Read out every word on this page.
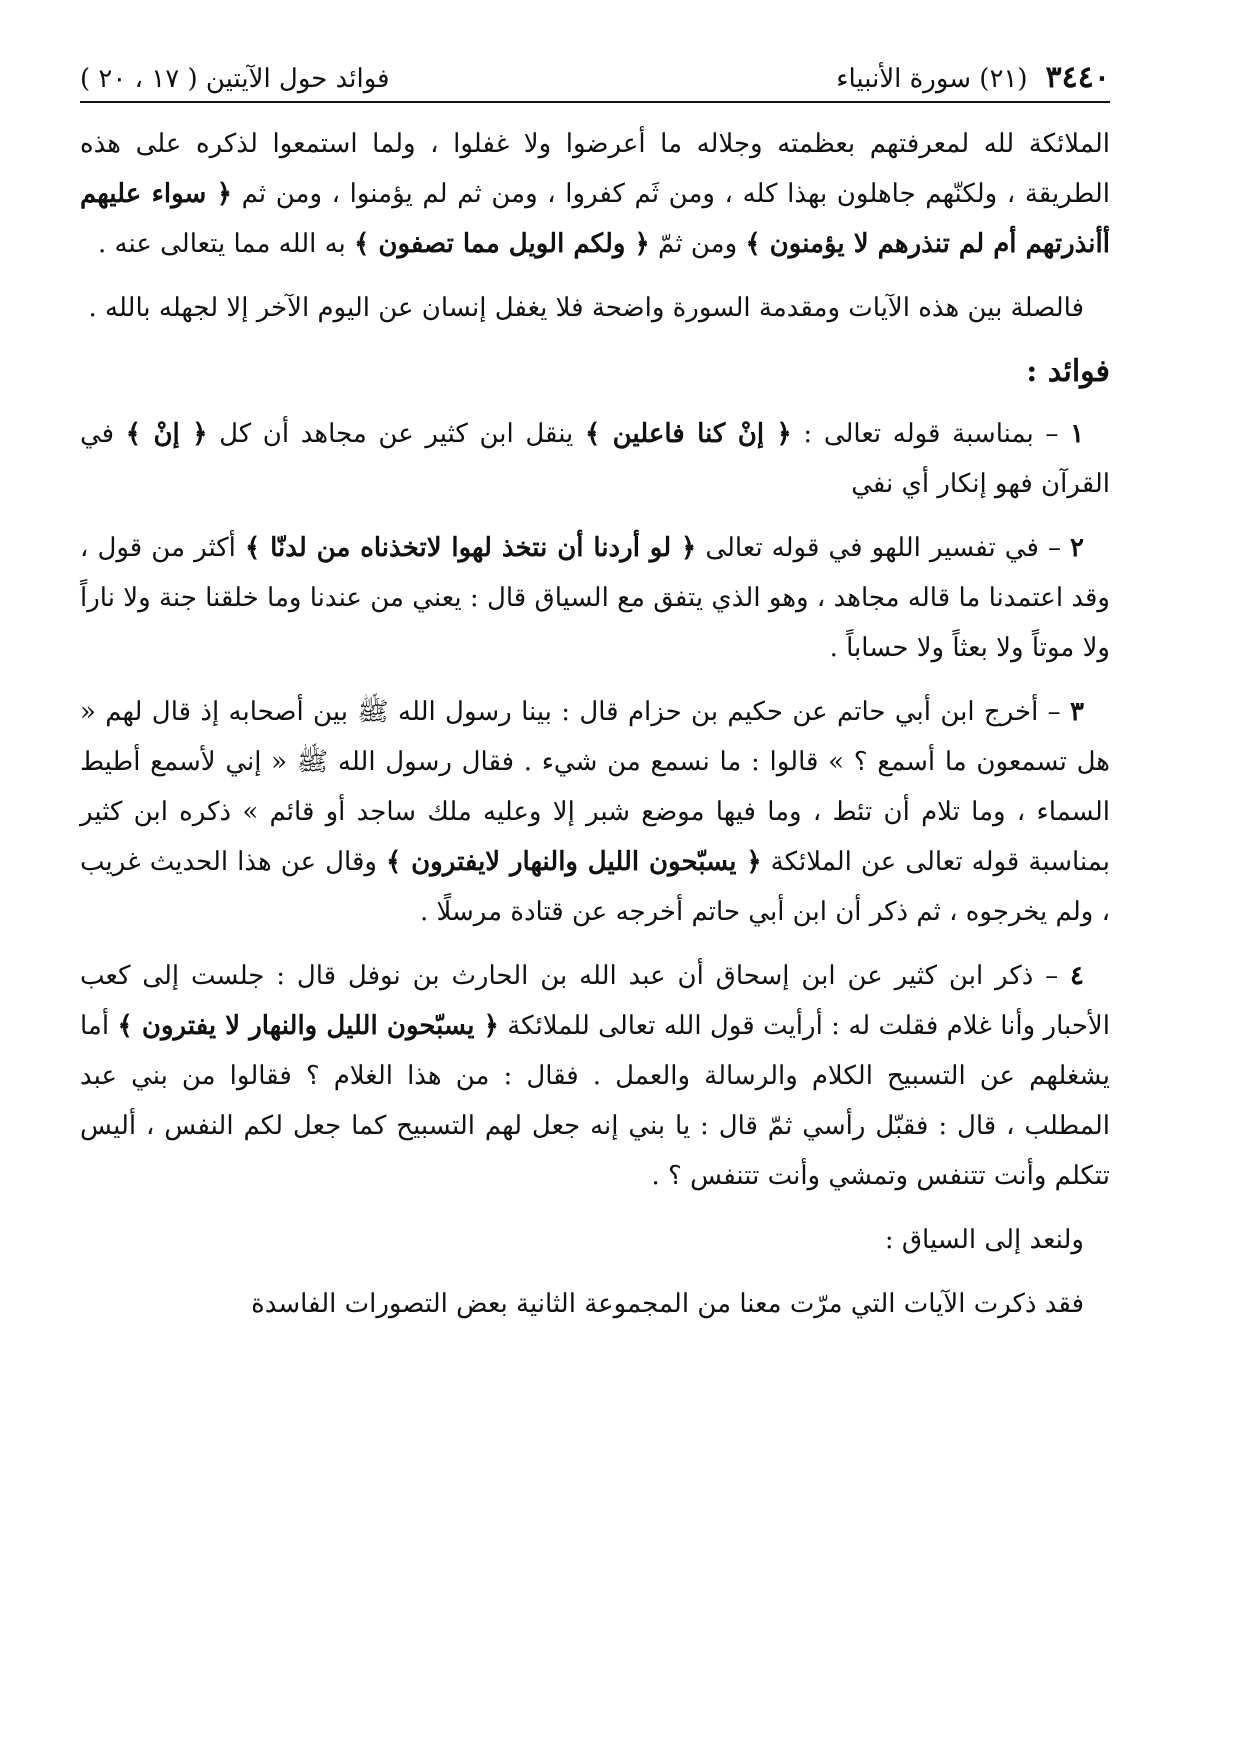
٣٤٤٠
(٢١) سورة الأنبياء
فوائد حول الآيتين ( ١٧ ، ٢٠ )

الملائكة لله لمعرفتهم بعظمته وجلاله ما أعرضوا ولا غفلوا ، ولما استمعوا لذكره على هذه الطريقة ، ولكنّهم جاهلون بهذا كله ، ومن ثَم كفروا ، ومن ثم لم يؤمنوا ، ومن ثم ﴿ سواء عليهم أأنذرتهم أم لم تنذرهم لا يؤمنون ﴾ ومن ثمّ ﴿ ولكم الويل مما تصفون ﴾ به الله مما يتعالى عنه .

فالصلة بين هذه الآيات ومقدمة السورة واضحة فلا يغفل إنسان عن اليوم الآخر إلا لجهله بالله .

فوائد :

١ – بمناسبة قوله تعالى : ﴿ إنْ كنا فاعلين ﴾ ينقل ابن كثير عن مجاهد أن كل ﴿ إنْ ﴾ في القرآن فهو إنكار أي نفي

٢ – في تفسير اللهو في قوله تعالى ﴿ لو أردنا أن نتخذ لهوا لاتخذناه من لدنّا ﴾ أكثر من قول ، وقد اعتمدنا ما قاله مجاهد ، وهو الذي يتفق مع السياق قال : يعني من عندنا وما خلقنا جنة ولا ناراً ولا موتاً ولا بعثاً ولا حساباً .

٣ – أخرج ابن أبي حاتم عن حكيم بن حزام قال : بينا رسول الله ﷺ بين أصحابه إذ قال لهم « هل تسمعون ما أسمع ؟ » قالوا : ما نسمع من شيء . فقال رسول الله ﷺ « إني لأسمع أطيط السماء ، وما تلام أن تئط ، وما فيها موضع شبر إلا وعليه ملك ساجد أو قائم » ذكره ابن كثير بمناسبة قوله تعالى عن الملائكة ﴿ يسبّحون الليل والنهار لايفترون ﴾ وقال عن هذا الحديث غريب ، ولم يخرجوه ، ثم ذكر أن ابن أبي حاتم أخرجه عن قتادة مرسلًا .

٤ – ذكر ابن كثير عن ابن إسحاق أن عبد الله بن الحارث بن نوفل قال : جلست إلى كعب الأحبار وأنا غلام فقلت له : أرأيت قول الله تعالى للملائكة ﴿ يسبّحون الليل والنهار لا يفترون ﴾ أما يشغلهم عن التسبيح الكلام والرسالة والعمل . فقال : من هذا الغلام ؟ فقالوا من بني عبد المطلب ، قال : فقبّل رأسي ثمّ قال : يا بني إنه جعل لهم التسبيح كما جعل لكم النفس ، أليس تتكلم وأنت تتنفس وتمشي وأنت تتنفس ؟ .

ولنعد إلى السياق :

فقد ذكرت الآيات التي مرّت معنا من المجموعة الثانية بعض التصورات الفاسدة
